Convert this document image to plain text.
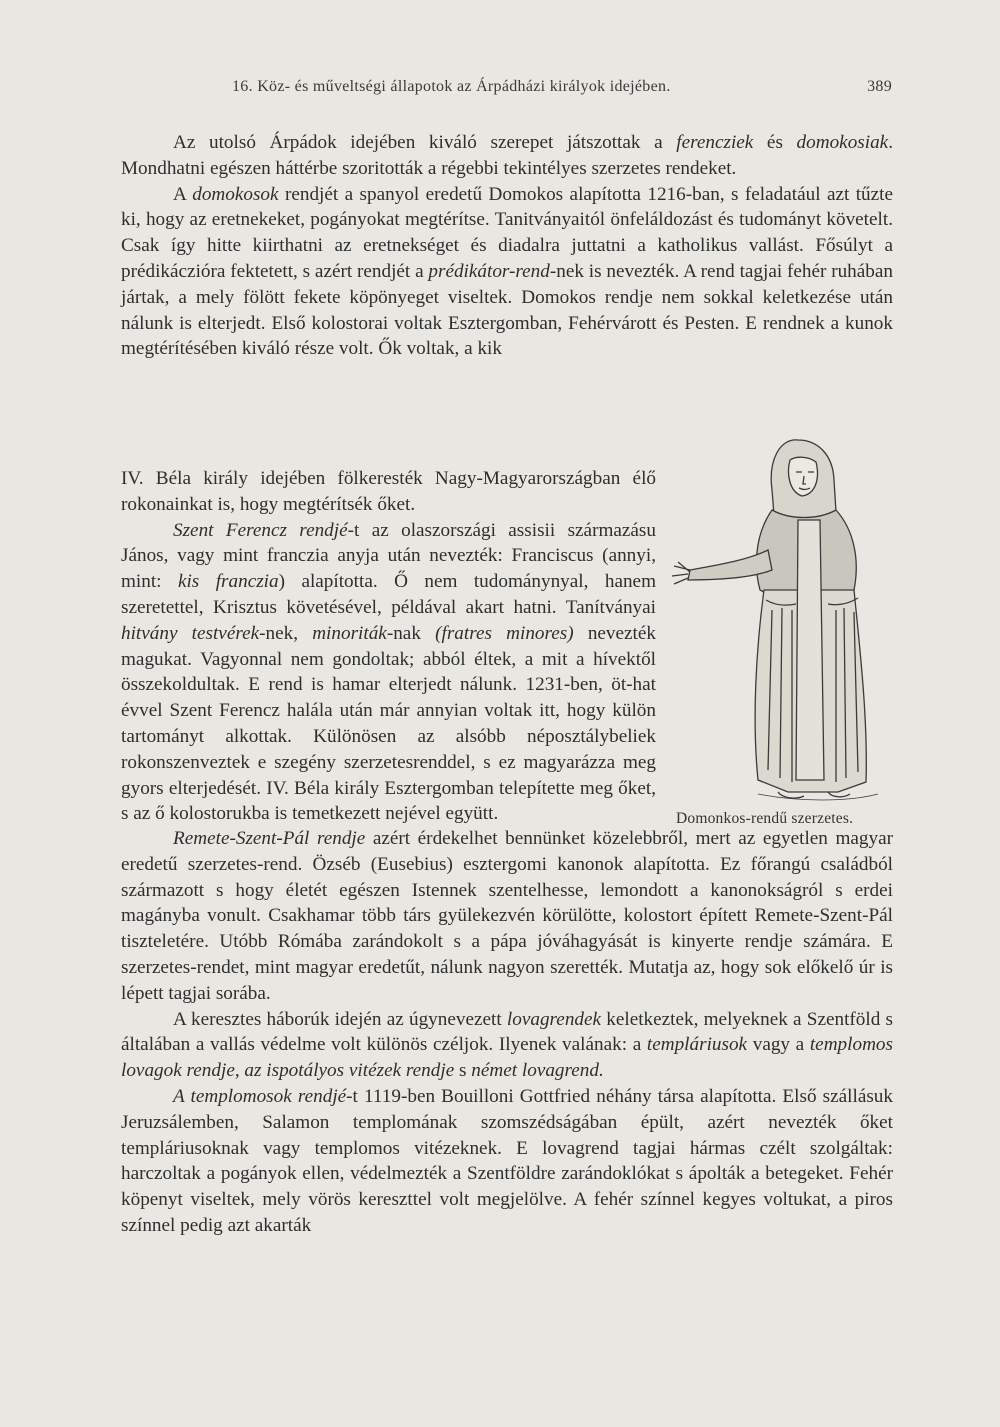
16. Köz- és műveltségi állapotok az Árpádházi királyok idejében.	389

Az utolsó Árpádok idejében kiváló szerepet játszottak a ferencziek és domokosiak. Mondhatni egészen háttérbe szoritották a régebbi tekintélyes szerzetes rendeket.

A domokosok rendjét a spanyol eredetű Domokos alapította 1216-ban, s feladatául azt tűzte ki, hogy az eretnekeket, pogányokat megtérítse. Tanitványaitól önfeláldozást és tudományt követelt. Csak így hitte kiirthatni az eretnekséget és diadalra juttatni a katholikus vallást. Fősúlyt a prédikáczióra fektetett, s azért rendjét a prédikátor-rend-nek is nevezték. A rend tagjai fehér ruhában jártak, a mely fölött fekete köpönyeget viseltek. Domokos rendje nem sokkal keletkezése után nálunk is elterjedt. Első kolostorai voltak Esztergomban, Fehérvárott és Pesten. E rendnek a kunok megtérítésében kiváló része volt. Ők voltak, a kik

IV. Béla király idejében fölkeresték Nagy-Magyarországban élő rokonainkat is, hogy megtérítsék őket.

Szent Ferencz rendjé-t az olaszországi assisii származásu János, vagy mint franczia anyja után nevezték: Franciscus (annyi, mint: kis franczia) alapította. Ő nem tudománynyal, hanem szeretettel, Krisztus követésével, példával akart hatni. Tanítványai hitvány testvérek-nek, minoriták-nak (fratres minores) nevezték magukat. Vagyonnal nem gondoltak; abból éltek, a mit a hívektől összekoldultak. E rend is hamar elterjedt nálunk. 1231-ben, öt-hat évvel Szent Ferencz halála után már annyian voltak itt, hogy külön tartományt alkottak. Különösen az alsóbb néposztálybeliek rokonszenveztek e szegény szerzetesrenddel, s ez magyarázza meg gyors elterjedését. IV. Béla király Esztergomban telepítette meg őket, s az ő kolostorukba is temetkezett nejével együtt.

Remete-Szent-Pál rendje azért érdekelhet bennünket közelebbről, mert az egyetlen magyar eredetű szerzetes-rend. Özséb (Eusebius) esztergomi kanonok alapította. Ez főrangú családból származott s hogy életét egészen Istennek szentelhesse, lemondott a kanonokságról s erdei magányba vonult. Csakhamar több társ gyülekezvén körülötte, kolostort épített Remete-Szent-Pál tiszteletére. Utóbb Rómába zarándokolt s a pápa jóváhagyását is kinyerte rendje számára. E szerzetes-rendet, mint magyar eredetűt, nálunk nagyon szerették. Mutatja az, hogy sok előkelő úr is lépett tagjai sorába.

A keresztes háborúk idején az úgynevezett lovagrendek keletkeztek, melyeknek a Szentföld s általában a vallás védelme volt különös czéljok. Ilyenek valának: a templáriusok vagy a templomos lovagok rendje, az ispotályos vitézek rendje s német lovagrend.

A templomosok rendjé-t 1119-ben Bouilloni Gottfried néhány társa alapította. Első szállásuk Jeruzsálemben, Salamon templomának szomszédságában épült, azért nevezték őket templáriusoknak vagy templomos vitézeknek. E lovagrend tagjai hármas czélt szolgáltak: harczoltak a pogányok ellen, védelmezték a Szentföldre zarándoklókat s ápolták a betegeket. Fehér köpenyt viseltek, mely vörös kereszttel volt megjelölve. A fehér színnel kegyes voltukat, a piros színnel pedig azt akarták

Domonkos-rendű szerzetes.
